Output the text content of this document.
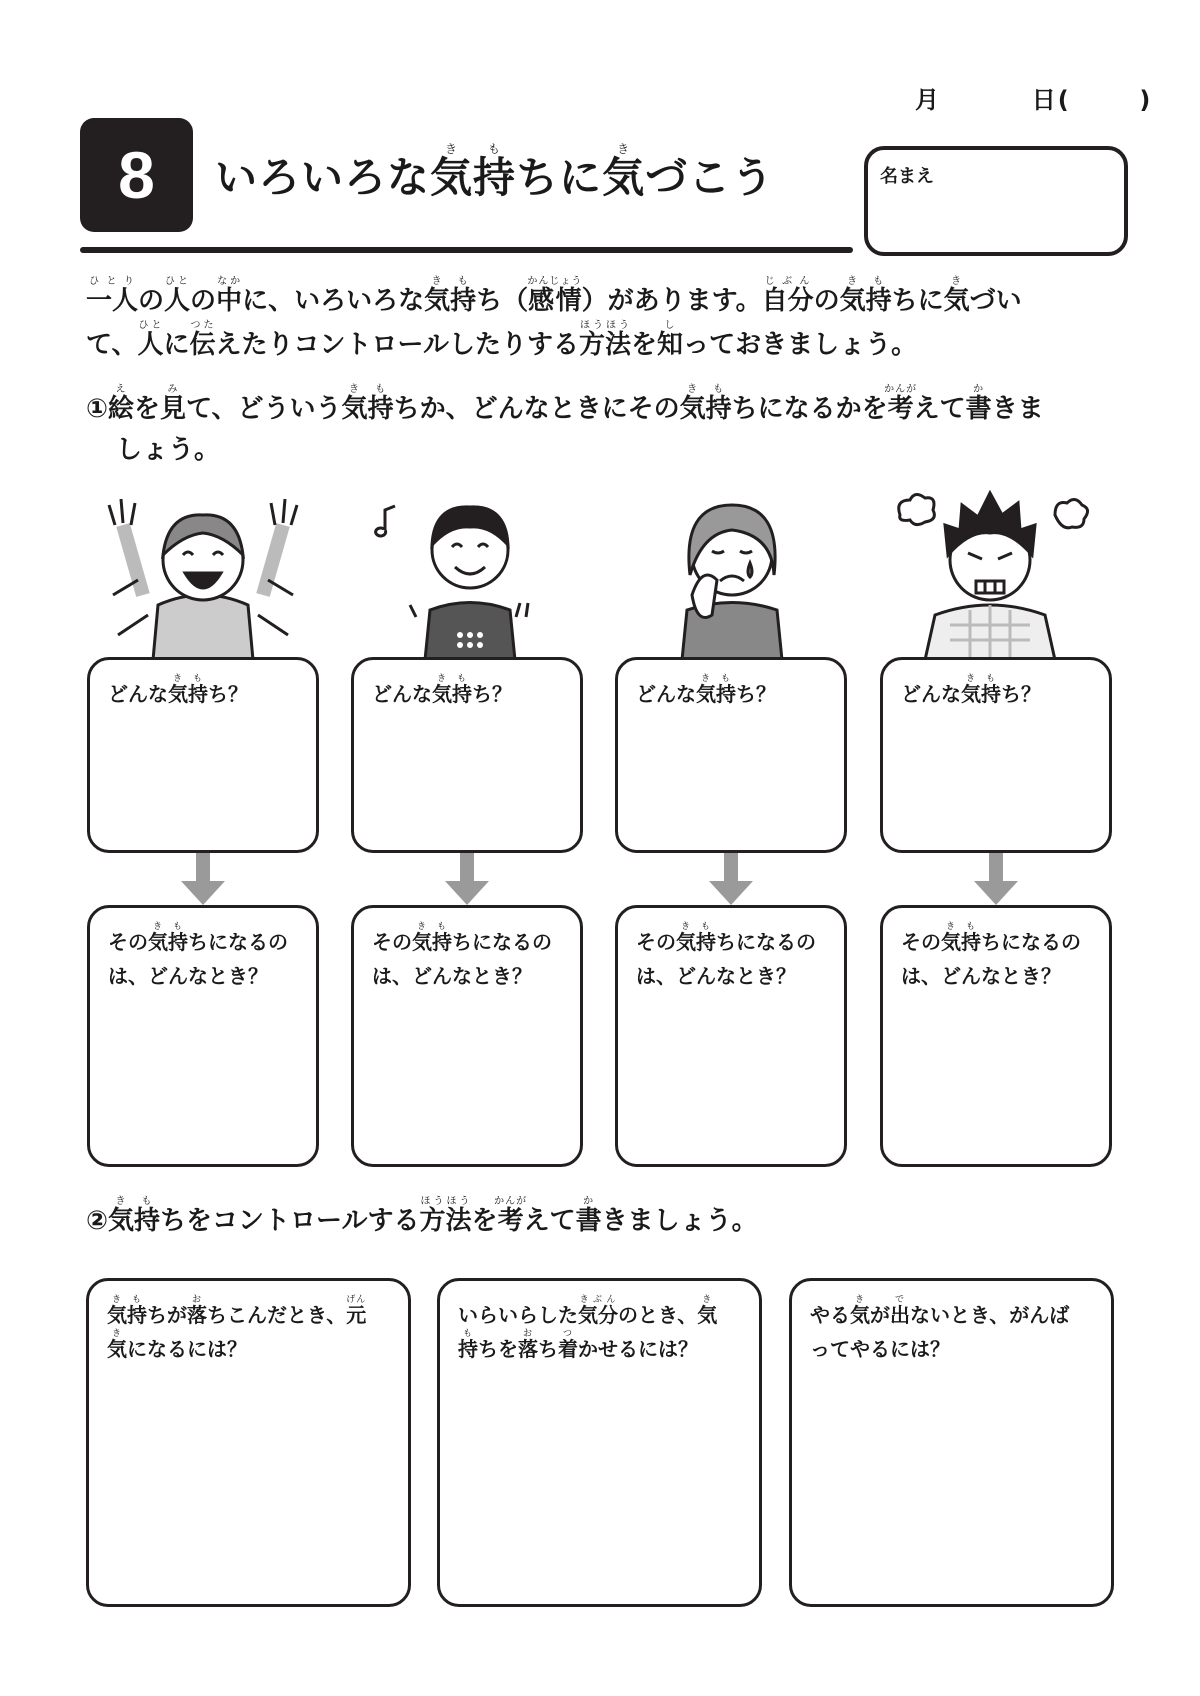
月	日(	)
8	いろいろな気き持もちに気きづこう	名まえ
一人ひとりの人ひとの中なかに、いろいろな気き持もち（感情かんじょう）があります。自分じぶんの気き持もちに気きづい
て、人ひとに伝つたえたりコントロールしたりする方法ほうほうを知しっておきましょう。
①絵えを見みて、どういう気き持もちか、どんなときにその気き持もちになるかを考かんがえて書かきま
しょう。
どんな気き持もち？
その気き持もちになるの
は、どんなとき？
どんな気き持もち？
その気き持もちになるの
は、どんなとき？
どんな気き持もち？
その気き持もちになるの
は、どんなとき？
どんな気き持もち？
その気き持もちになるの
は、どんなとき？
②気き持もちをコントロールする方法ほうほうを考かんがえて書かきましょう。
気き持もちが落おちこんだとき、元げん
気きになるには？
いらいらした気分きぶんのとき、気き
持もちを落おち着つかせるには？
やる気きが出でないとき、がんば
ってやるには？
